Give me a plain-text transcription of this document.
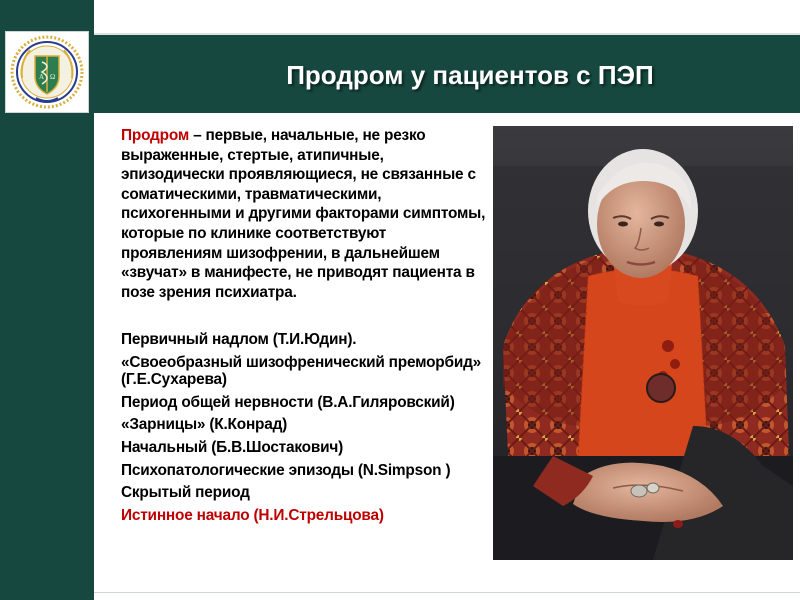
A Ω	Продром у пациентов с ПЭП
Продром – первые, начальные, не резко выраженные, стертые, атипичные, эпизодически проявляющиеся, не связанные с соматическими, травматическими, психогенными и другими факторами симптомы, которые по клинике соответствуют проявлениям шизофрении, в дальнейшем «звучат» в манифесте, не приводят пациента в позе зрения психиатра.
Первичный надлом (Т.И.Юдин).
«Своеобразный шизофренический преморбид» (Г.Е.Сухарева)
Период общей нервности (В.А.Гиляровский)
«Зарницы» (К.Конрад)
Начальный (Б.В.Шостакович)
Психопатологические эпизоды (N.Simpson )
Скрытый период
Истинное начало (Н.И.Стрельцова)
